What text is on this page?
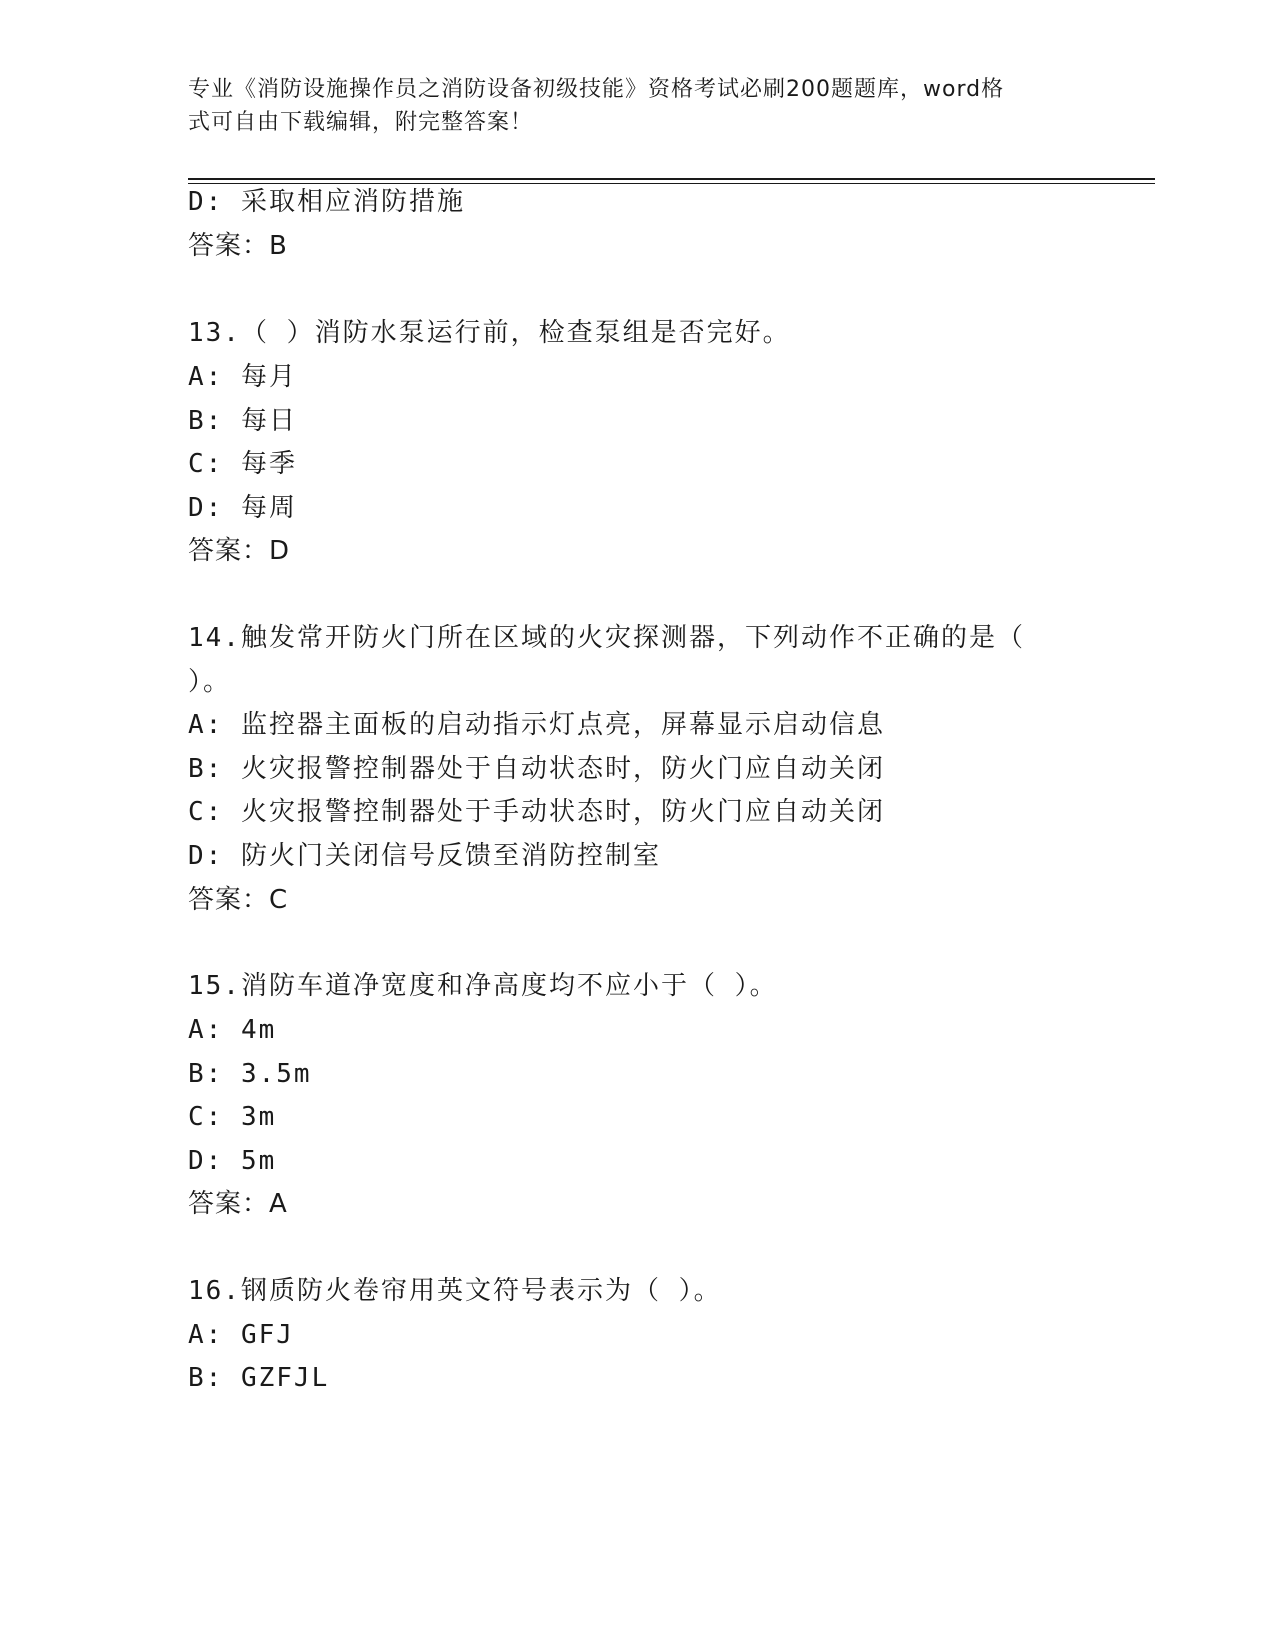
专业《消防设施操作员之消防设备初级技能》资格考试必刷200题题库，word格
式可自由下载编辑，附完整答案！
D: 采取相应消防措施
答案：B
13.（ ）消防水泵运行前，检查泵组是否完好。
A: 每月
B: 每日
C: 每季
D: 每周
答案：D
14.触发常开防火门所在区域的火灾探测器，下列动作不正确的是（
）。
A: 监控器主面板的启动指示灯点亮，屏幕显示启动信息
B: 火灾报警控制器处于自动状态时，防火门应自动关闭
C: 火灾报警控制器处于手动状态时，防火门应自动关闭
D: 防火门关闭信号反馈至消防控制室
答案：C
15.消防车道净宽度和净高度均不应小于（ ）。
A: 4m
B: 3.5m
C: 3m
D: 5m
答案：A
16.钢质防火卷帘用英文符号表示为（ ）。
A: GFJ
B: GZFJL
